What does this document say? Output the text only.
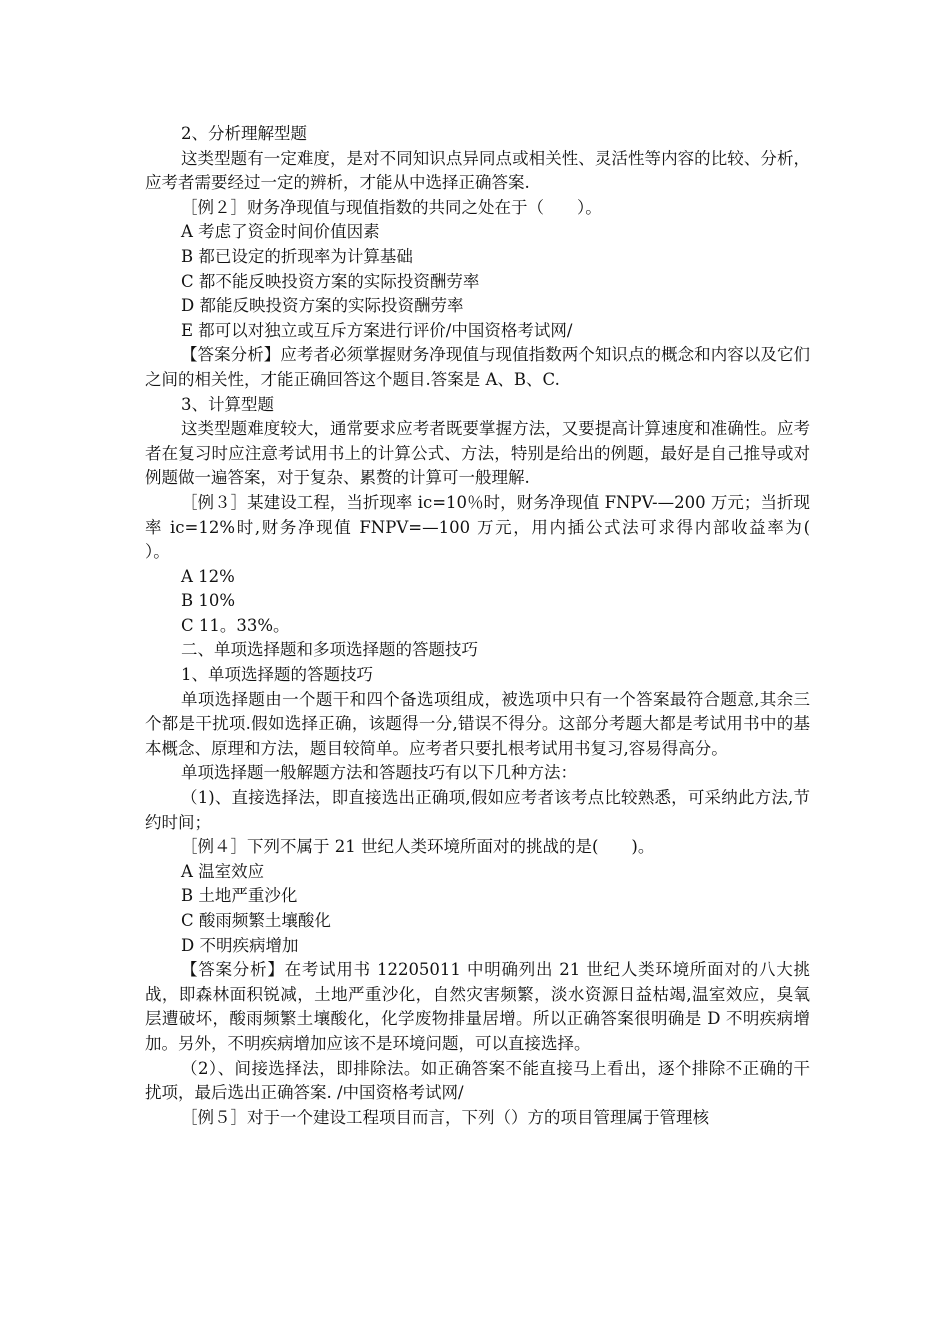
2、分析理解型题

这类型题有一定难度，是对不同知识点异同点或相关性、灵活性等内容的比较、分析，应考者需要经过一定的辨析，才能从中选择正确答案.

［例２］财务净现值与现值指数的共同之处在于（　　）。

A 考虑了资金时间价值因素

B 都已设定的折现率为计算基础

C 都不能反映投资方案的实际投资酬劳率

D 都能反映投资方案的实际投资酬劳率

E 都可以对独立或互斥方案进行评价/中国资格考试网/

【答案分析】应考者必须掌握财务净现值与现值指数两个知识点的概念和内容以及它们之间的相关性，才能正确回答这个题目.答案是 A、B、C.

3、计算型题

这类型题难度较大，通常要求应考者既要掌握方法，又要提高计算速度和准确性。应考者在复习时应注意考试用书上的计算公式、方法，特别是给出的例题，最好是自己推导或对例题做一遍答案，对于复杂、累赘的计算可一般理解.

［例３］某建设工程，当折现率 ic=10％时，财务净现值 FNPV-—200 万元；当折现率 ic=12%时,财务净现值 FNPV=—100 万元，用内插公式法可求得内部收益率为(　　）。

A 12%

B 10%

C 11。33%。

二、单项选择题和多项选择题的答题技巧

1、单项选择题的答题技巧

单项选择题由一个题干和四个备选项组成，被选项中只有一个答案最符合题意,其余三个都是干扰项.假如选择正确，该题得一分,错误不得分。这部分考题大都是考试用书中的基本概念、原理和方法，题目较简单。应考者只要扎根考试用书复习,容易得高分。

单项选择题一般解题方法和答题技巧有以下几种方法：

（1)、直接选择法，即直接选出正确项,假如应考者该考点比较熟悉，可采纳此方法,节约时间；

［例４］下列不属于 21 世纪人类环境所面对的挑战的是(　　)。

A 温室效应

B 土地严重沙化

C 酸雨频繁土壤酸化

D 不明疾病增加

【答案分析】在考试用书 12205011 中明确列出 21 世纪人类环境所面对的八大挑战，即森林面积锐减，土地严重沙化，自然灾害频繁，淡水资源日益枯竭,温室效应，臭氧层遭破坏，酸雨频繁土壤酸化，化学废物排量居增。所以正确答案很明确是 D 不明疾病增加。另外，不明疾病增加应该不是环境问题，可以直接选择。

（2）、间接选择法，即排除法。如正确答案不能直接马上看出，逐个排除不正确的干扰项，最后选出正确答案. /中国资格考试网/

［例５］对于一个建设工程项目而言，下列（）方的项目管理属于管理核
